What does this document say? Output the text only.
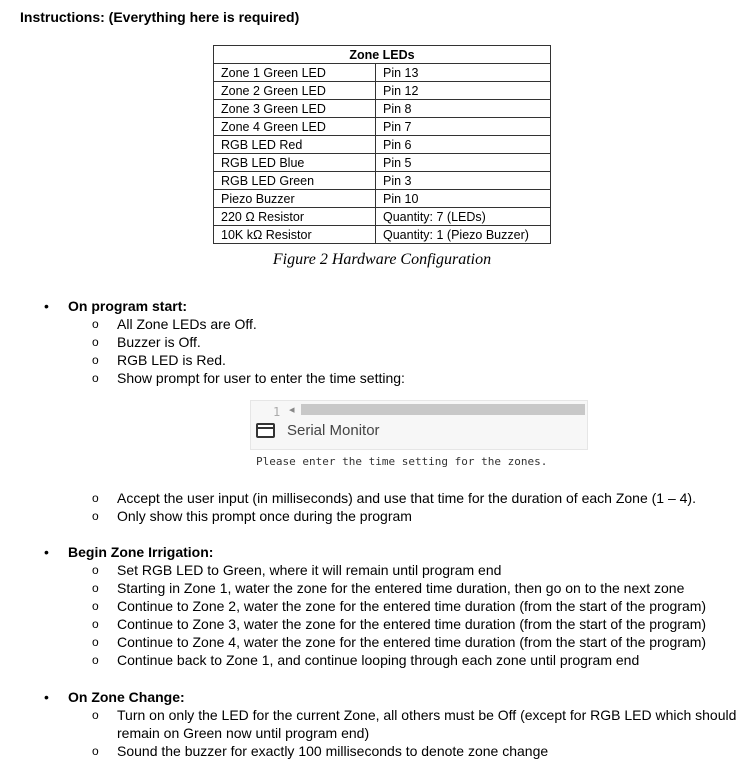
Instructions: (Everything here is required)
Zone LEDs	
Zone 1 Green LED	Pin 13
Zone 2 Green LED	Pin 12
Zone 3 Green LED	Pin 8
Zone 4 Green LED	Pin 7
RGB LED Red	Pin 6
RGB LED Blue	Pin 5
RGB LED Green	Pin 3
Piezo Buzzer	Pin 10
220 Ω Resistor	Quantity: 7 (LEDs)
10K kΩ Resistor	Quantity: 1 (Piezo Buzzer)
Figure 2 Hardware Configuration
• On program start:
o All Zone LEDs are Off.
o Buzzer is Off.
o RGB LED is Red.
o Show prompt for user to enter the time setting:
1 ◂
Serial Monitor
Please enter the time setting for the zones.
o Accept the user input (in milliseconds) and use that time for the duration of each Zone (1 – 4).
o Only show this prompt once during the program
• Begin Zone Irrigation:
o Set RGB LED to Green, where it will remain until program end
o Starting in Zone 1, water the zone for the entered time duration, then go on to the next zone
o Continue to Zone 2, water the zone for the entered time duration (from the start of the program)
o Continue to Zone 3, water the zone for the entered time duration (from the start of the program)
o Continue to Zone 4, water the zone for the entered time duration (from the start of the program)
o Continue back to Zone 1, and continue looping through each zone until program end
• On Zone Change:
o Turn on only the LED for the current Zone, all others must be Off (except for RGB LED which should
remain on Green now until program end)
o Sound the buzzer for exactly 100 milliseconds to denote zone change
